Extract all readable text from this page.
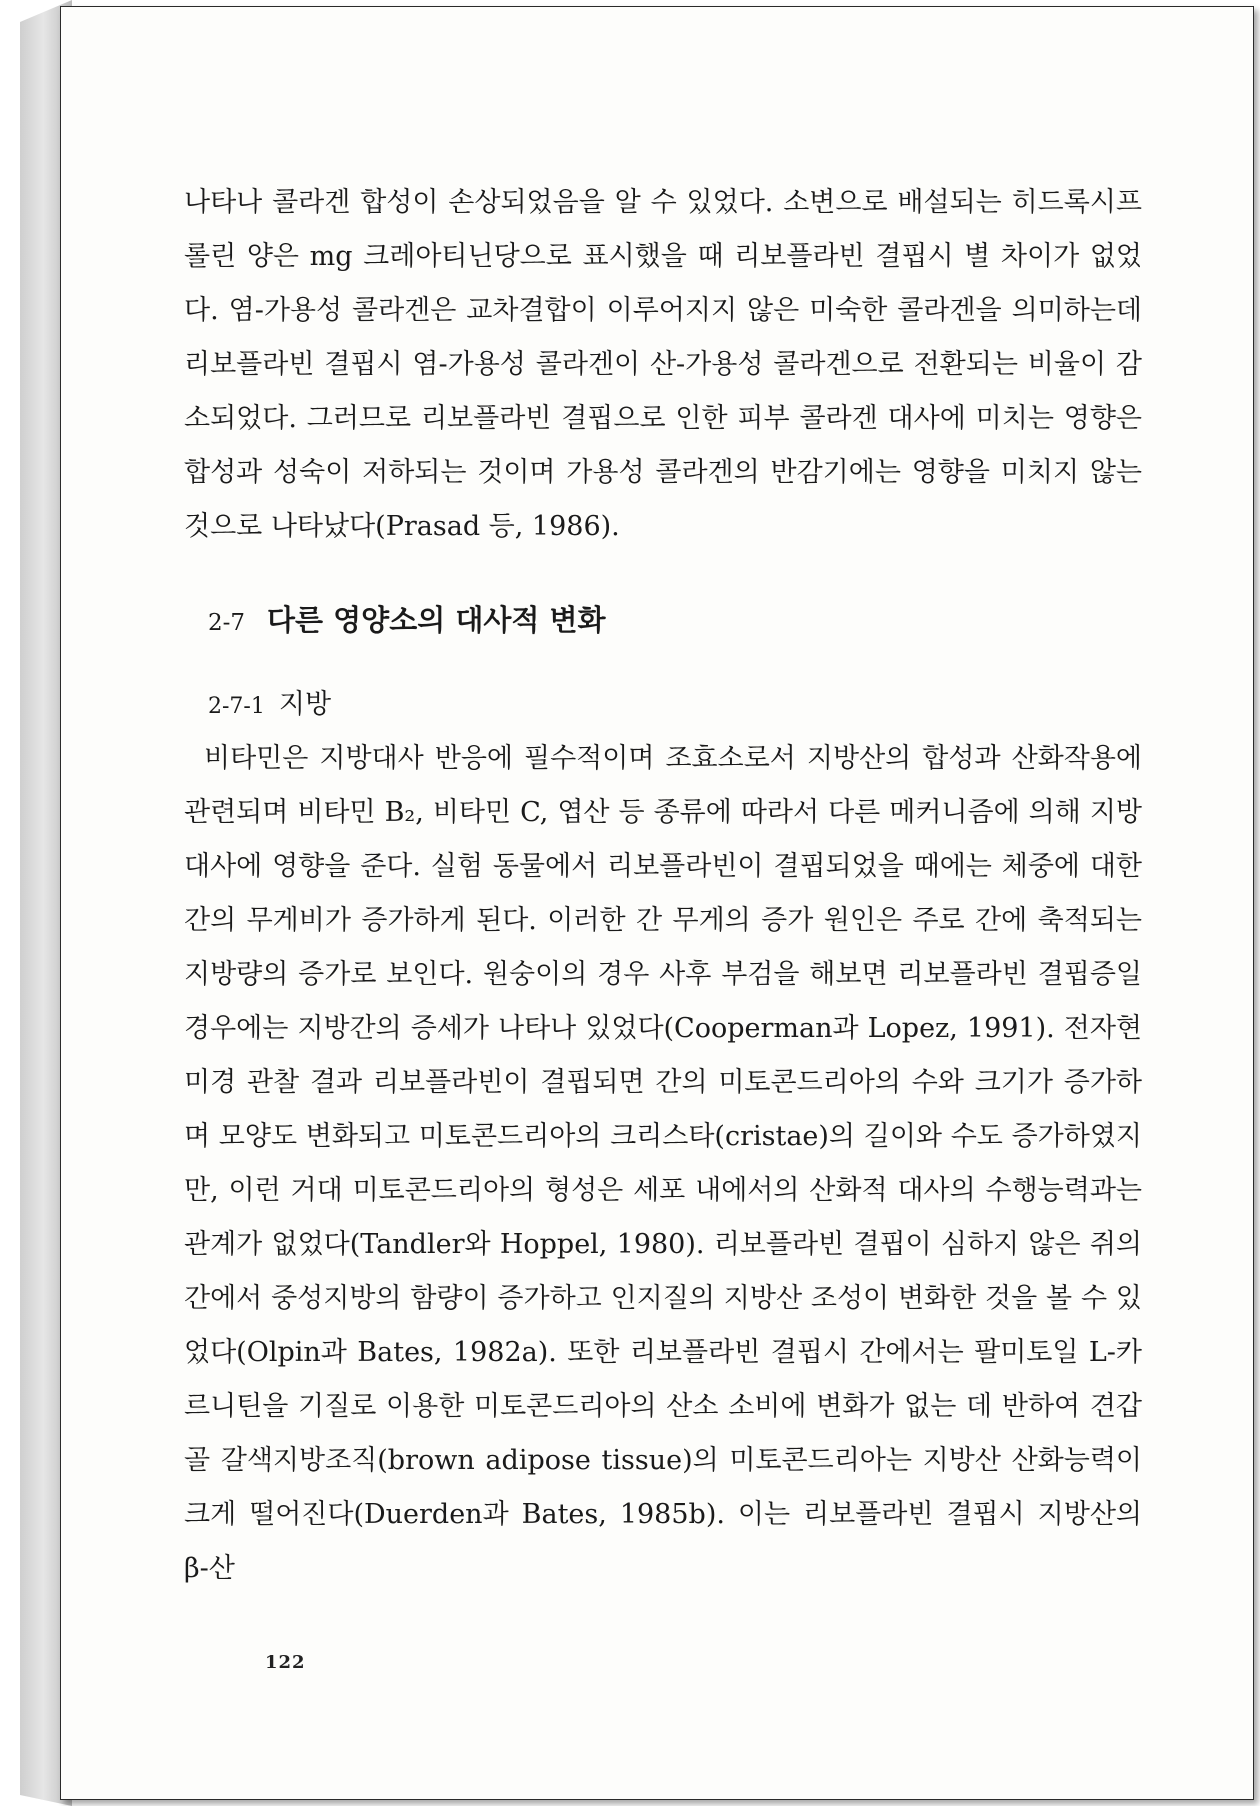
나타나 콜라겐 합성이 손상되었음을 알 수 있었다. 소변으로 배설되는 히드록시프롤린 양은 mg 크레아티닌당으로 표시했을 때 리보플라빈 결핍시 별 차이가 없었다. 염-가용성 콜라겐은 교차결합이 이루어지지 않은 미숙한 콜라겐을 의미하는데 리보플라빈 결핍시 염-가용성 콜라겐이 산-가용성 콜라겐으로 전환되는 비율이 감소되었다. 그러므로 리보플라빈 결핍으로 인한 피부 콜라겐 대사에 미치는 영향은 합성과 성숙이 저하되는 것이며 가용성 콜라겐의 반감기에는 영향을 미치지 않는 것으로 나타났다(Prasad 등, 1986).

2-7 다른 영양소의 대사적 변화
2-7-1 지방

비타민은 지방대사 반응에 필수적이며 조효소로서 지방산의 합성과 산화작용에 관련되며 비타민 B₂, 비타민 C, 엽산 등 종류에 따라서 다른 메커니즘에 의해 지방대사에 영향을 준다. 실험 동물에서 리보플라빈이 결핍되었을 때에는 체중에 대한 간의 무게비가 증가하게 된다. 이러한 간 무게의 증가 원인은 주로 간에 축적되는 지방량의 증가로 보인다. 원숭이의 경우 사후 부검을 해보면 리보플라빈 결핍증일 경우에는 지방간의 증세가 나타나 있었다(Cooperman과 Lopez, 1991). 전자현미경 관찰 결과 리보플라빈이 결핍되면 간의 미토콘드리아의 수와 크기가 증가하며 모양도 변화되고 미토콘드리아의 크리스타(cristae)의 길이와 수도 증가하였지만, 이런 거대 미토콘드리아의 형성은 세포 내에서의 산화적 대사의 수행능력과는 관계가 없었다(Tandler와 Hoppel, 1980). 리보플라빈 결핍이 심하지 않은 쥐의 간에서 중성지방의 함량이 증가하고 인지질의 지방산 조성이 변화한 것을 볼 수 있었다(Olpin과 Bates, 1982a). 또한 리보플라빈 결핍시 간에서는 팔미토일 L-카르니틴을 기질로 이용한 미토콘드리아의 산소 소비에 변화가 없는 데 반하여 견갑골 갈색지방조직(brown adipose tissue)의 미토콘드리아는 지방산 산화능력이 크게 떨어진다(Duerden과 Bates, 1985b). 이는 리보플라빈 결핍시 지방산의 β-산

122
